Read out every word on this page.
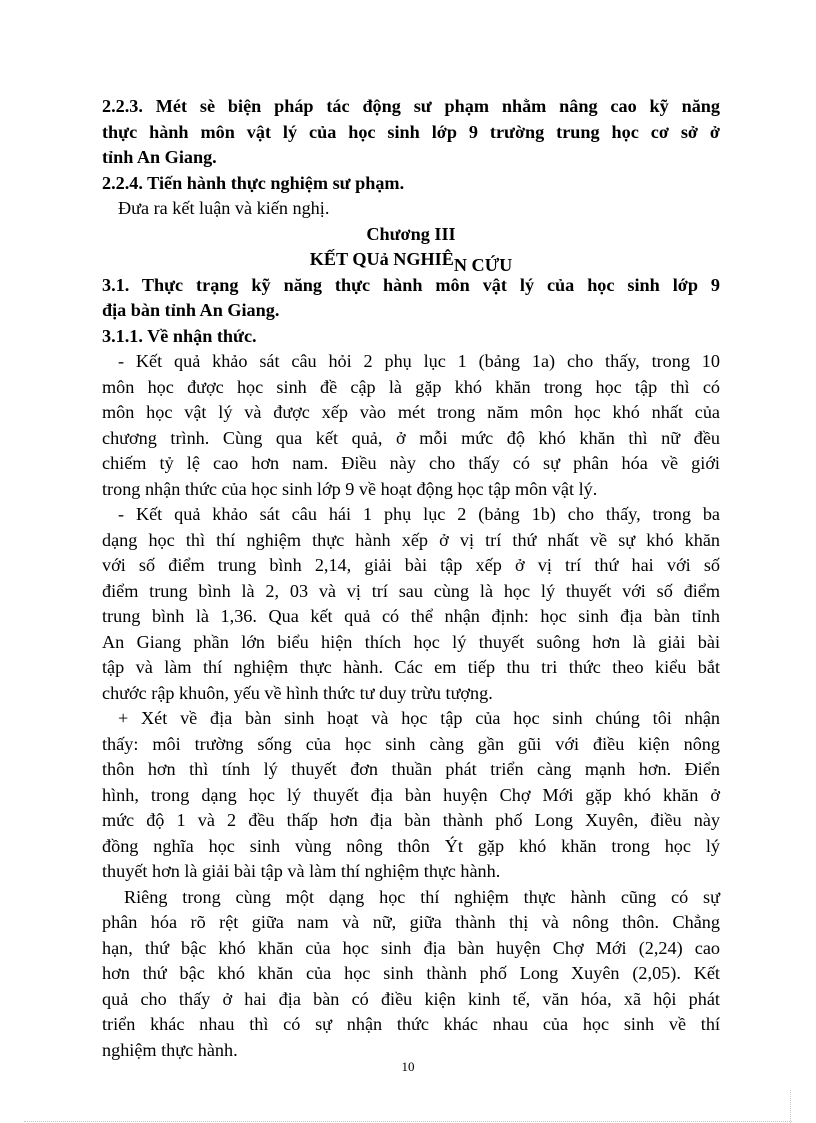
2.2.3. Mét sè biện pháp tác động sư phạm nhằm nâng cao kỹ năng
thực hành môn vật lý của học sinh lớp 9 trường trung học cơ sở ở
tỉnh An Giang.
2.2.4. Tiến hành thực nghiệm sư phạm.
Đưa ra kết luận và kiến nghị.
Chương III
KẾT QUả NGHIÊN CỨU
3.1. Thực trạng kỹ năng thực hành môn vật lý của học sinh lớp 9
địa bàn tỉnh An Giang.
3.1.1. Về nhận thức.
- Kết quả khảo sát câu hỏi 2 phụ lục 1 (bảng 1a) cho thấy, trong 10
môn học được học sinh đề cập là gặp khó khăn trong học tập thì có
môn học vật lý và được xếp vào mét trong năm môn học khó nhất của
chương trình. Cùng qua kết quả, ở mỗi mức độ khó khăn thì nữ đều
chiếm tỷ lệ cao hơn nam. Điều này cho thấy có sự phân hóa về giới
trong nhận thức của học sinh lớp 9 về hoạt động học tập môn vật lý.
- Kết quả khảo sát câu hái 1 phụ lục 2 (bảng 1b) cho thấy, trong ba
dạng học thì thí nghiệm thực hành xếp ở vị trí thứ nhất về sự khó khăn
với số điểm trung bình 2,14, giải bài tập xếp ở vị trí thứ hai với số
điểm trung bình là 2, 03 và vị trí sau cùng là học lý thuyết với số điểm
trung bình là 1,36. Qua kết quả có thể nhận định: học sinh địa bàn tỉnh
An Giang phần lớn biểu hiện thích học lý thuyết suông hơn là giải bài
tập và làm thí nghiệm thực hành. Các em tiếp thu tri thức theo kiểu bắt
chước rập khuôn, yếu về hình thức tư duy trừu tượng.
+ Xét về địa bàn sinh hoạt và học tập của học sinh chúng tôi nhận
thấy: môi trường sống của học sinh càng gần gũi với điều kiện nông
thôn hơn thì tính lý thuyết đơn thuần phát triển càng mạnh hơn. Điển
hình, trong dạng học lý thuyết địa bàn huyện Chợ Mới gặp khó khăn ở
mức độ 1 và 2 đều thấp hơn địa bàn thành phố Long Xuyên, điều này
đồng nghĩa học sinh vùng nông thôn Ýt gặp khó khăn trong học lý
thuyết hơn là giải bài tập và làm thí nghiệm thực hành.
Riêng trong cùng một dạng học thí nghiệm thực hành cũng có sự
phân hóa rõ rệt giữa nam và nữ, giữa thành thị và nông thôn. Chẳng
hạn, thứ bậc khó khăn của học sinh địa bàn huyện Chợ Mới (2,24) cao
hơn thứ bậc khó khăn của học sinh thành phố Long Xuyên (2,05). Kết
quả cho thấy ở hai địa bàn có điều kiện kinh tế, văn hóa, xã hội phát
triển khác nhau thì có sự nhận thức khác nhau của học sinh về thí
nghiệm thực hành.
10
